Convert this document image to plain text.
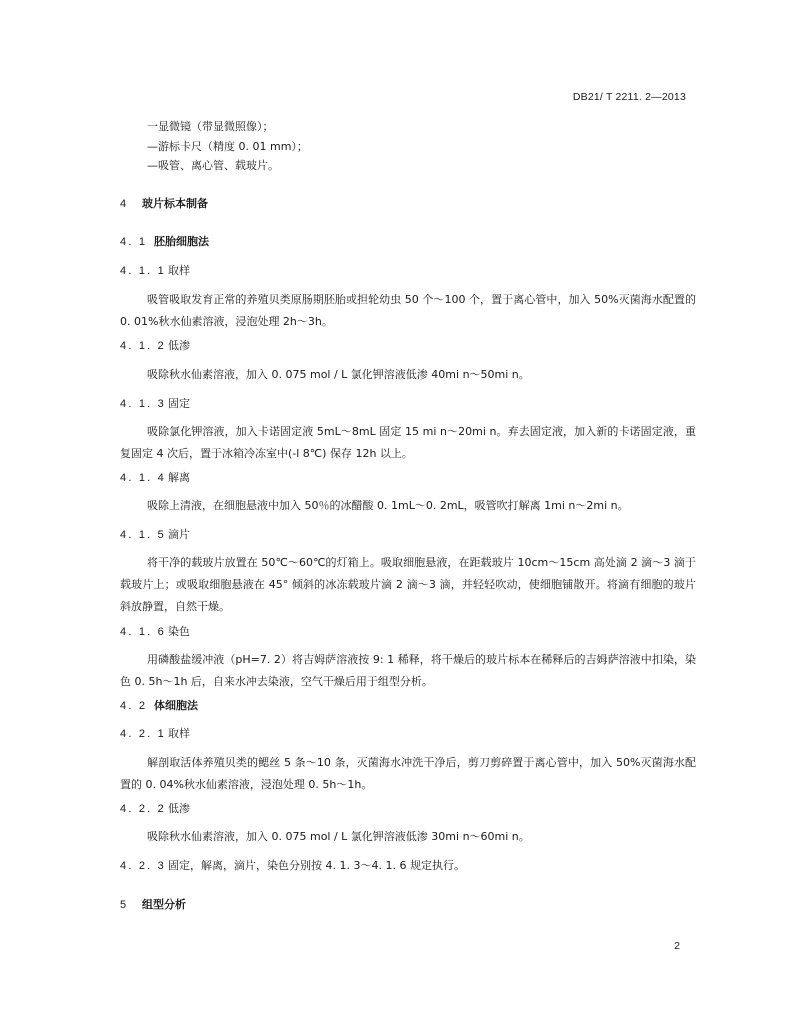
DB21/ T 2211. 2—2013
一显微镜（带显微照像）；
—游标卡尺（精度 0. 01 mm）；
—吸管、离心管、载玻片。
4 玻片标本制备
4. 1 胚胎细胞法
4. 1. 1 取样
吸管吸取发育正常的养殖贝类原肠期胚胎或担轮幼虫 50 个～100 个，置于离心管中，加入 50%灭菌海水配置的 0. 01%秋水仙素溶液，浸泡处理 2h～3h。
4. 1. 2 低渗
吸除秋水仙素溶液，加入 0. 075 mol / L 氯化钾溶液低渗 40mi n～50mi n。
4. 1. 3 固定
吸除氯化钾溶液，加入卡诺固定液 5mL～8mL 固定 15 mi n～20mi n。弃去固定液，加入新的卡诺固定液，重复固定 4 次后，置于冰箱冷冻室中(-l 8℃) 保存 12h 以上。
4. 1. 4 解离
吸除上清液，在细胞悬液中加入 50％的冰醋酸 0. 1mL～0. 2mL，吸管吹打解离 1mi n～2mi n。
4. 1. 5 滴片
将干净的载玻片放置在 50℃～60℃的灯箱上。吸取细胞悬液，在距载玻片 10cm～15cm 高处滴 2 滴～3 滴于载玻片上；或吸取细胞悬液在 45° 倾斜的冰冻载玻片滴 2 滴～3 滴，并轻轻吹动，使细胞铺散开。将滴有细胞的玻片斜放静置，自然干燥。
4. 1. 6 染色
用磷酸盐缓冲液（pH=7. 2）将吉姆萨溶液按 9: 1 稀释，将干燥后的玻片标本在稀释后的吉姆萨溶液中扣染，染色 0. 5h～1h 后，自来水冲去染液，空气干燥后用于组型分析。
4. 2 体细胞法
4. 2. 1 取样
解剖取活体养殖贝类的鳃丝 5 条～10 条，灭菌海水冲洗干净后，剪刀剪碎置于离心管中，加入 50%灭菌海水配置的 0. 04%秋水仙素溶液，浸泡处理 0. 5h～1h。
4. 2. 2 低渗
吸除秋水仙素溶液，加入 0. 075 mol / L 氯化钾溶液低渗 30mi n～60mi n。
4. 2. 3 固定，解离，滴片，染色分别按 4. 1. 3～4. 1. 6 规定执行。
5 组型分析
2
